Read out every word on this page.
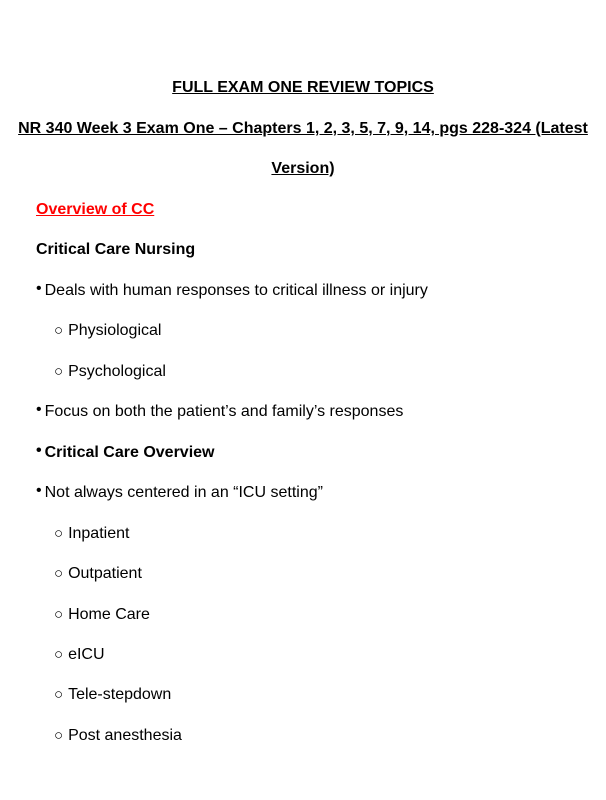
FULL EXAM ONE REVIEW TOPICS
NR 340 Week 3 Exam One – Chapters 1, 2, 3, 5, 7, 9, 14, pgs 228-324 (Latest
Version)
Overview of CC
Critical Care Nursing
• Deals with human responses to critical illness or injury
○ Physiological
○ Psychological
• Focus on both the patient’s and family’s responses
• Critical Care Overview
• Not always centered in an “ICU setting”
○ Inpatient
○ Outpatient
○ Home Care
○ eICU
○ Tele-stepdown
○ Post anesthesia
